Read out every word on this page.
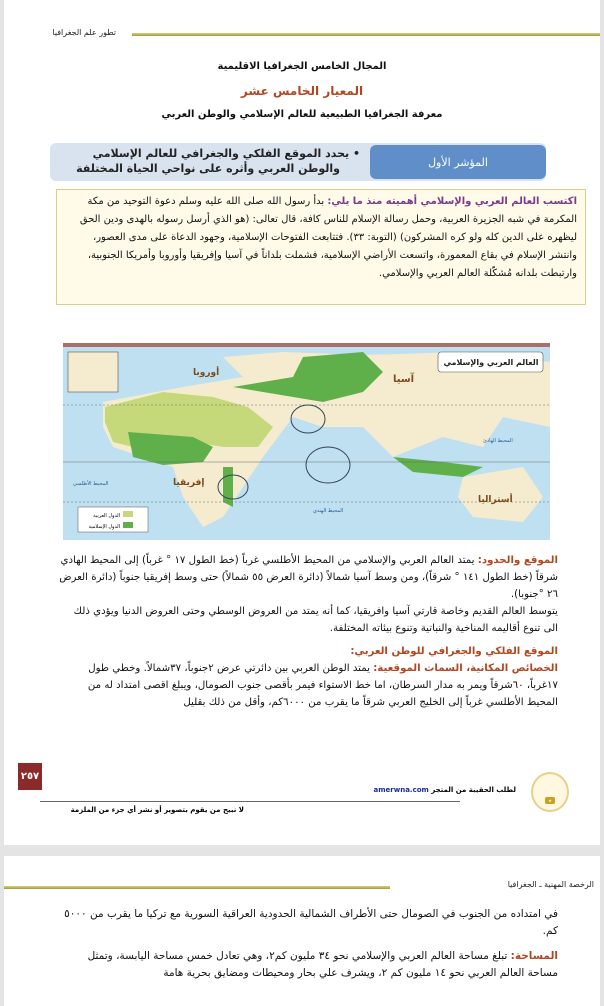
تطور علم الجغرافيا
المجال الخامس الجغرافيا الاقليمية
المعيار الخامس عشر
معرفة الجغرافيا الطبيعية للعالم الإسلامي والوطن العربي
المؤشر الأول
• يحدد الموقع الفلكي والجغرافي للعالم الإسلامي
والوطن العربي وأثره على نواحي الحياة المختلفة
اكتسب العالم العربي والإسلامي أهميته منذ ما يلي: بدأ رسول الله صلى الله عليه وسلم دعوة التوحيد من مكة المكرمة في شبه الجزيرة العربية، وحمل رسالة الإسلام للناس كافة، قال تعالى: (هو الذي أرسل رسوله بالهدى ودين الحق ليظهره على الدين كله ولو كره المشركون) (التوبة: ٣٣). فتتابعت الفتوحات الإسلامية، وجهود الدعاة على مدى العصور، وانتشر الإسلام في بقاع المعمورة، واتسعت الأراضي الإسلامية، فشملت بلداناً في آسيا وإفريقيا وأوروبا وأمريكا الجنوبية، وارتبطت بلدانه مُشكّلة العالم العربي والإسلامي.
العالم العربي والإسلامي
أوروبا
آسيا
إفريقيا
أستراليا
المحيط الأطلسي
المحيط الهندي
المحيط الهادئ
الدول العربية
الدول الإسلامية

الموقع والحدود: يمتد العالم العربي والإسلامي من المحيط الأطلسي غرباً (خط الطول ١٧ ° غرباً) إلى المحيط الهادي شرقاً (خط الطول ١٤١ ° شرقاً)، ومن وسط آسيا شمالاً (دائرة العرض ٥٥ شمالاً) حتى وسط إفريقيا جنوباً (دائرة العرض ٢٦ °جنوبا).

يتوسط العالم القديم وخاصة قارتي آسيا وافريقيا، كما أنه يمتد من العروض الوسطي وحتى العروض الدنيا ويؤدي ذلك الى تنوع أقاليمه المناخية والنباتية وتنوع بيئاته المختلفة.

الموقع الفلكي والجغرافي للوطن العربي:

الخصائص المكانية، السمات الموقعية: يمتد الوطن العربي بين دائرتي عرض ٢جنوباً، ٣٧شمالاً. وخطي طول ١٧غرباً، ٦٠شرقاً ويمر به مدار السرطان، اما خط الاستواء فيمر بأقصى جنوب الصومال، ويبلغ اقصى امتداد له من المحيط الأطلسي غرباً إلى الخليج العربي شرقاً ما يقرب من ٦٠٠٠كم، وأقل من ذلك بقليل

٢٥٧
لطلب الحقيبة من المتجر amerwna.com
لا نبيح من يقوم بتصوير أو نشر أي جزء من الملزمة
★
الرخصة المهنية ـ الجغرافيا

في امتداده من الجنوب في الصومال حتى الأطراف الشمالية الحدودية العراقية السورية مع تركيا ما يقرب من ٥٠٠٠ كم.

المساحة: تبلغ مساحة العالم العربي والإسلامي نحو ٣٤ مليون كم٢، وهي تعادل خمس مساحة اليابسة، وتمثل مساحة العالم العربي نحو ١٤ مليون كم ٢، ويشرف علي بحار ومحيطات ومضايق بحرية هامة
